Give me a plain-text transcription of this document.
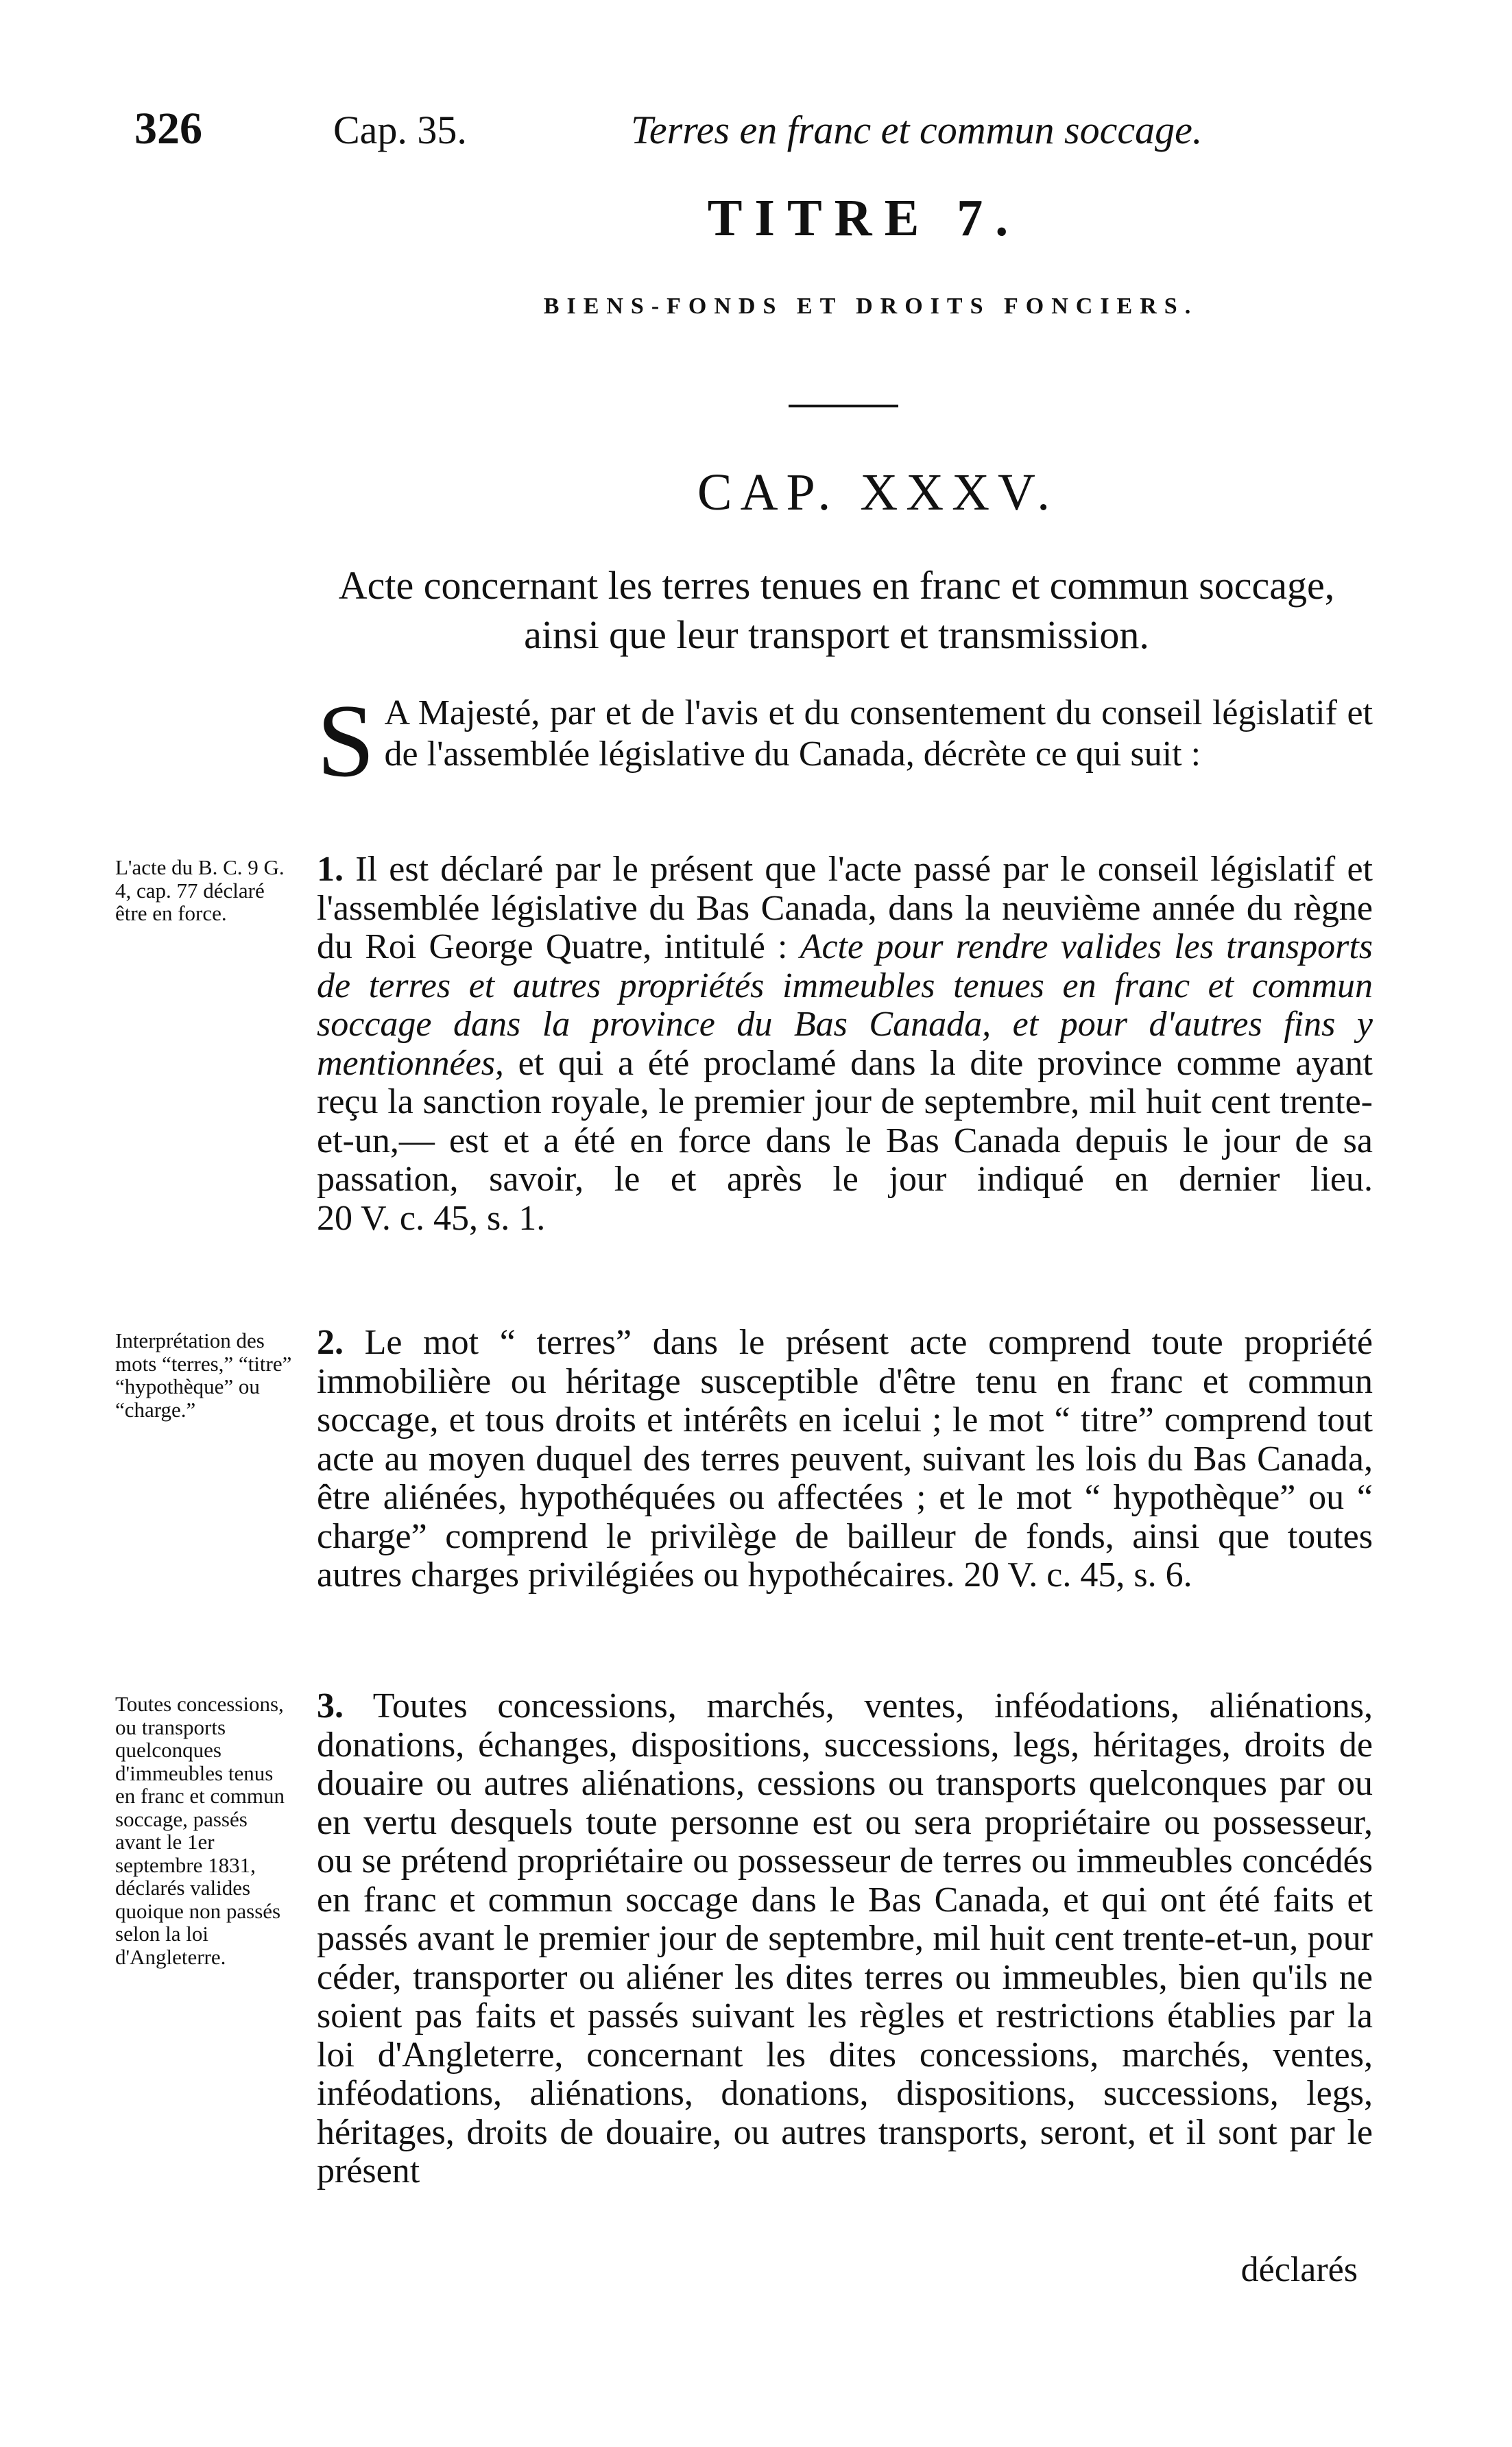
326	Cap. 35.	Terres en franc et commun soccage.
TITRE 7.
BIENS-FONDS ET DROITS FONCIERS.
CAP. XXXV.
Acte concernant les terres tenues en franc et commun soccage, ainsi que leur transport et transmission.
S A Majesté, par et de l'avis et du consentement du conseil législatif et de l'assemblée législative du Canada, décrète ce qui suit :
L'acte du B. C. 9 G. 4, cap. 77 déclaré être en force.
1. Il est déclaré par le présent que l'acte passé par le conseil législatif et l'assemblée législative du Bas Canada, dans la neuvième année du règne du Roi George Quatre, intitulé : Acte pour rendre valides les transports de terres et autres propriétés immeubles tenues en franc et commun soccage dans la province du Bas Canada, et pour d'autres fins y mentionnées, et qui a été proclamé dans la dite province comme ayant reçu la sanction royale, le premier jour de septembre, mil huit cent trente-et-un,— est et a été en force dans le Bas Canada depuis le jour de sa passation, savoir, le et après le jour indiqué en dernier lieu. 20 V. c. 45, s. 1.
Interprétation des mots “terres,” “titre” “hypothèque” ou “charge.”
2. Le mot “ terres” dans le présent acte comprend toute propriété immobilière ou héritage susceptible d'être tenu en franc et commun soccage, et tous droits et intérêts en icelui ; le mot “ titre” comprend tout acte au moyen duquel des terres peuvent, suivant les lois du Bas Canada, être aliénées, hypothéquées ou affectées ; et le mot “ hypothèque” ou “ charge” comprend le privilège de bailleur de fonds, ainsi que toutes autres charges privilégiées ou hypothécaires. 20 V. c. 45, s. 6.
Toutes concessions, ou transports quelconques d'immeubles tenus en franc et commun soccage, passés avant le 1er septembre 1831, déclarés valides quoique non passés selon la loi d'Angleterre.
3. Toutes concessions, marchés, ventes, inféodations, aliénations, donations, échanges, dispositions, successions, legs, héritages, droits de douaire ou autres aliénations, cessions ou transports quelconques par ou en vertu desquels toute personne est ou sera propriétaire ou possesseur, ou se prétend propriétaire ou possesseur de terres ou immeubles concédés en franc et commun soccage dans le Bas Canada, et qui ont été faits et passés avant le premier jour de septembre, mil huit cent trente-et-un, pour céder, transporter ou aliéner les dites terres ou immeubles, bien qu'ils ne soient pas faits et passés suivant les règles et restrictions établies par la loi d'Angleterre, concernant les dites concessions, marchés, ventes, inféodations, aliénations, donations, dispositions, successions, legs, héritages, droits de douaire, ou autres transports, seront, et il sont par le présent
déclarés
